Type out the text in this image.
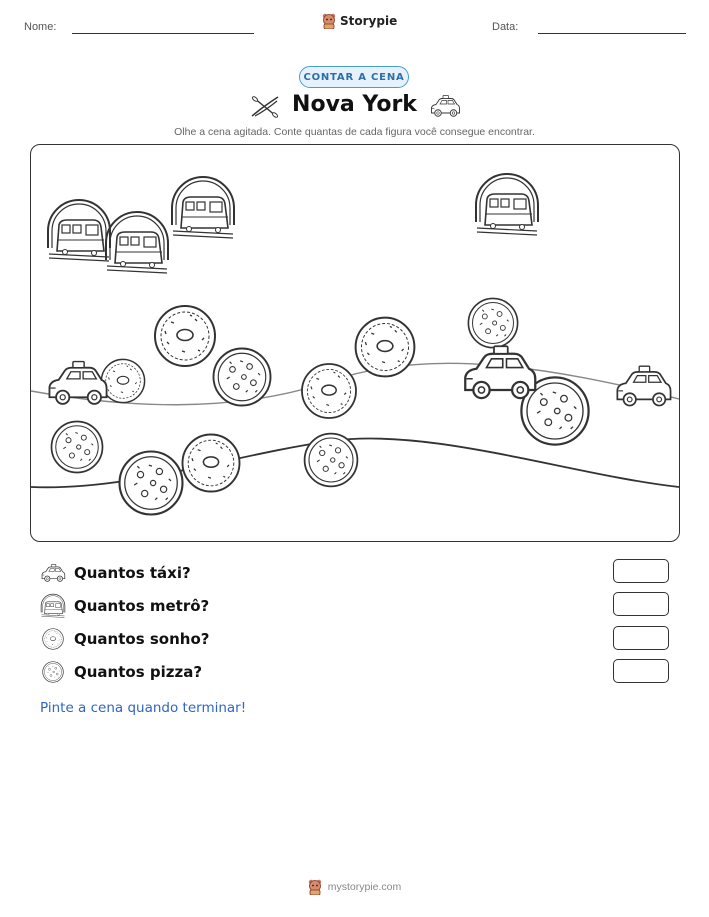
Nome:	Storypie	Data:
CONTAR A CENA
Nova York
Olhe a cena agitada. Conte quantas de cada figura você consegue encontrar.
Quantos táxi?
Quantos metrô?
Quantos sonho?
Quantos pizza?
Pinte a cena quando terminar!
mystorypie.com
